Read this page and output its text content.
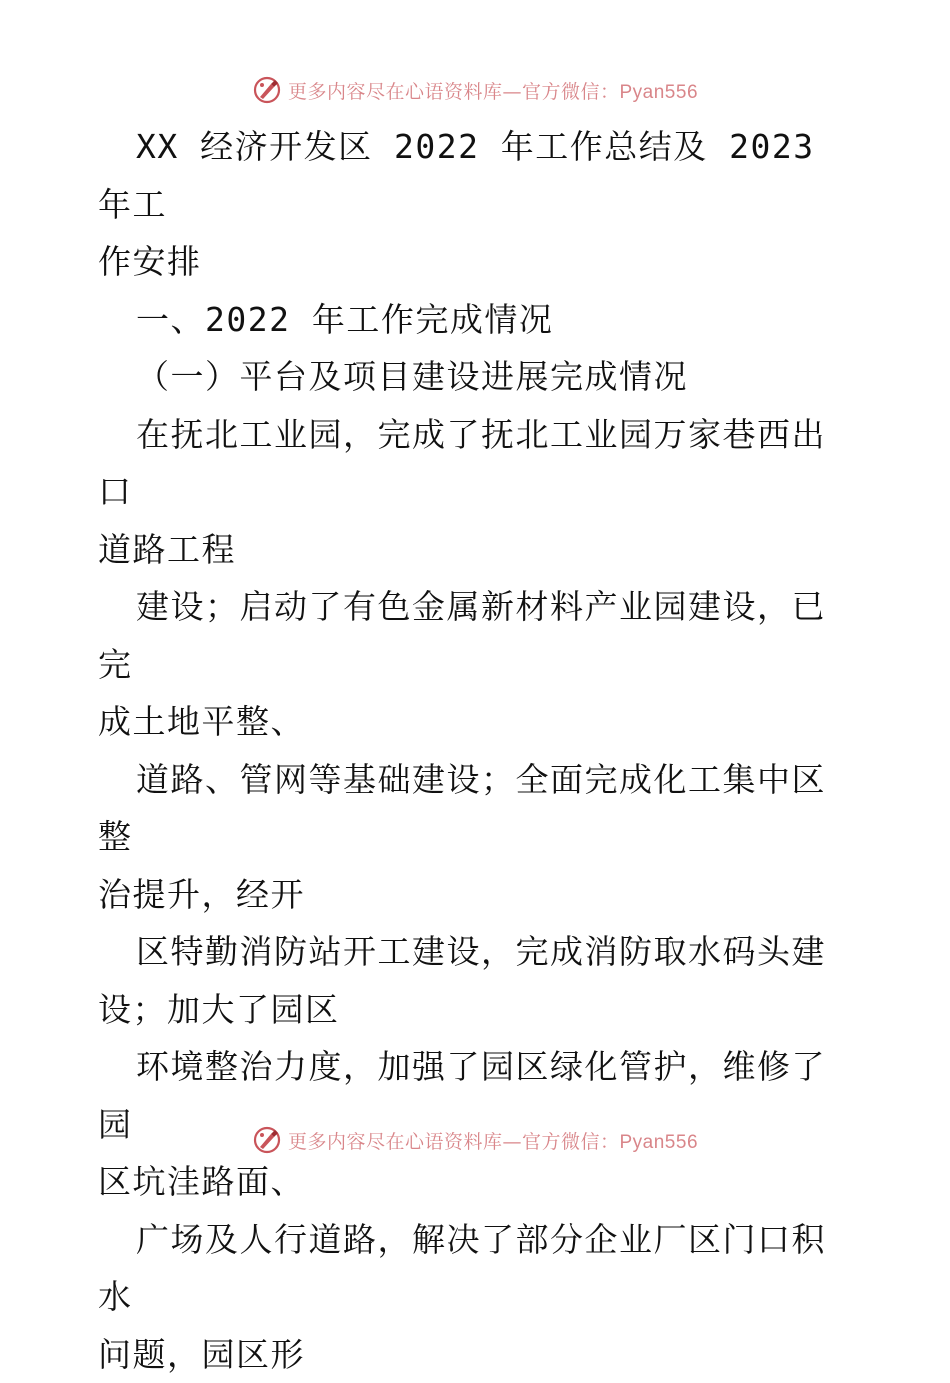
更多内容尽在心语资料库—官方微信：Pyan556

XX 经济开发区 2022 年工作总结及 2023 年工

作安排

一、2022 年工作完成情况

（一）平台及项目建设进展完成情况

在抚北工业园，完成了抚北工业园万家巷西出口

道路工程

建设；启动了有色金属新材料产业园建设，已完

成土地平整、

道路、管网等基础建设；全面完成化工集中区整

治提升，经开

区特勤消防站开工建设，完成消防取水码头建

设；加大了园区

环境整治力度，加强了园区绿化管护，维修了园

区坑洼路面、

广场及人行道路，解决了部分企业厂区门口积水

问题，园区形

更多内容尽在心语资料库—官方微信：Pyan556
